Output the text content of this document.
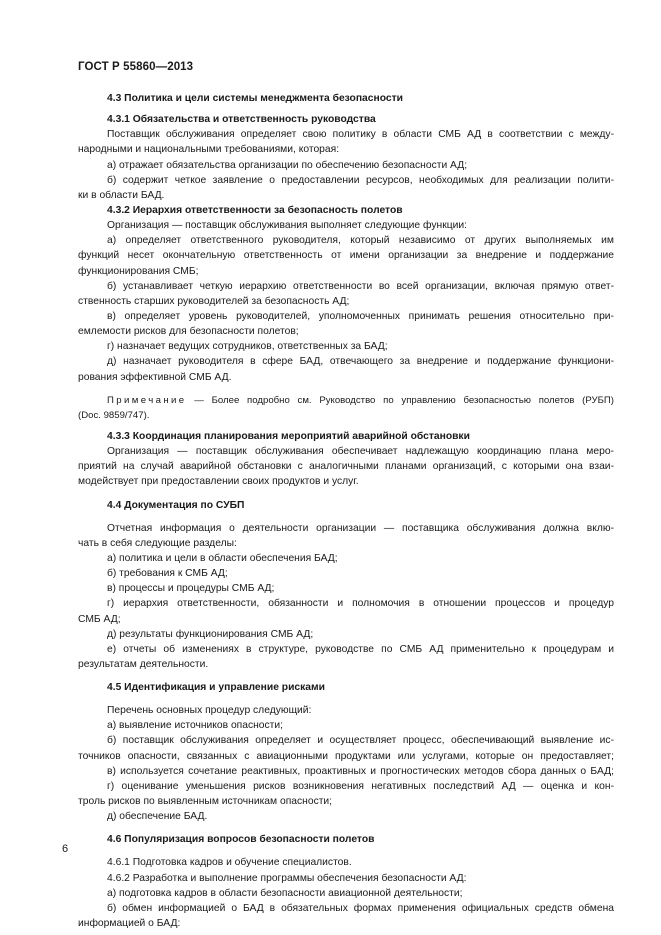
ГОСТ Р 55860—2013
4.3 Политика и цели системы менеджмента безопасности
4.3.1 Обязательства и ответственность руководства
Поставщик обслуживания определяет свою политику в области СМБ АД в соответствии с между-
народными и национальными требованиями, которая:
а) отражает обязательства организации по обеспечению безопасности АД;
б) содержит четкое заявление о предоставлении ресурсов, необходимых для реализации полити-
ки в области БАД.
4.3.2 Иерархия ответственности за безопасность полетов
Организация — поставщик обслуживания выполняет следующие функции:
а) определяет ответственного руководителя, который независимо от других выполняемых им
функций несет окончательную ответственность от имени организации за внедрение и поддержание
функционирования СМБ;
б) устанавливает четкую иерархию ответственности во всей организации, включая прямую ответ-
ственность старших руководителей за безопасность АД;
в) определяет уровень руководителей, уполномоченных принимать решения относительно при-
емлемости рисков для безопасности полетов;
г) назначает ведущих сотрудников, ответственных за БАД;
д) назначает руководителя в сфере БАД, отвечающего за внедрение и поддержание функциони-
рования эффективной СМБ АД.
Примечание — Более подробно см. Руководство по управлению безопасностью полетов (РУБП)
(Doc. 9859/747).
4.3.3 Координация планирования мероприятий аварийной обстановки
Организация — поставщик обслуживания обеспечивает надлежащую координацию плана меро-
приятий на случай аварийной обстановки с аналогичными планами организаций, с которыми она взаи-
модействует при предоставлении своих продуктов и услуг.
4.4 Документация по СУБП
Отчетная информация о деятельности организации — поставщика обслуживания должна вклю-
чать в себя следующие разделы:
а) политика и цели в области обеспечения БАД;
б) требования к СМБ АД;
в) процессы и процедуры СМБ АД;
г) иерархия ответственности, обязанности и полномочия в отношении процессов и процедур
СМБ АД;
д) результаты функционирования СМБ АД;
е) отчеты об изменениях в структуре, руководстве по СМБ АД применительно к процедурам и
результатам деятельности.
4.5 Идентификация и управление рисками
Перечень основных процедур следующий:
а) выявление источников опасности;
б) поставщик обслуживания определяет и осуществляет процесс, обеспечивающий выявление ис-
точников опасности, связанных с авиационными продуктами или услугами, которые он предоставляет;
в) используется сочетание реактивных, проактивных и прогностических методов сбора данных о БАД;
г) оценивание уменьшения рисков возникновения негативных последствий АД — оценка и кон-
троль рисков по выявленным источникам опасности;
д) обеспечение БАД.
4.6 Популяризация вопросов безопасности полетов
4.6.1 Подготовка кадров и обучение специалистов.
4.6.2 Разработка и выполнение программы обеспечения безопасности АД:
а) подготовка кадров в области безопасности авиационной деятельности;
б) обмен информацией о БАД в обязательных формах применения официальных средств обмена
информацией о БАД:
6
